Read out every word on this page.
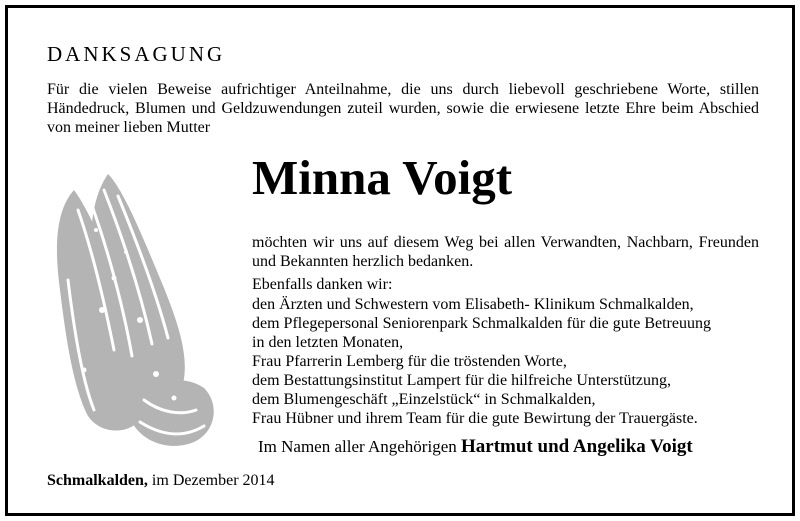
DANKSAGUNG
Für die vielen Beweise aufrichtiger Anteilnahme, die uns durch liebevoll geschriebene Worte, stillen Händedruck, Blumen und Geldzuwendungen zuteil wurden, sowie die erwiesene letzte Ehre beim Abschied von meiner lieben Mutter
Minna Voigt
möchten wir uns auf diesem Weg bei allen Verwandten, Nachbarn, Freunden und Bekannten herzlich bedanken.
Ebenfalls danken wir:
den Ärzten und Schwestern vom Elisabeth- Klinikum Schmalkalden,
dem Pflegepersonal Seniorenpark Schmalkalden für die gute Betreuung
in den letzten Monaten,
Frau Pfarrerin Lemberg für die tröstenden Worte,
dem Bestattungsinstitut Lampert für die hilfreiche Unterstützung,
dem Blumengeschäft „Einzelstück“ in Schmalkalden,
Frau Hübner und ihrem Team für die gute Bewirtung der Trauergäste.
Im Namen aller Angehörigen Hartmut und Angelika Voigt
Schmalkalden, im Dezember 2014
